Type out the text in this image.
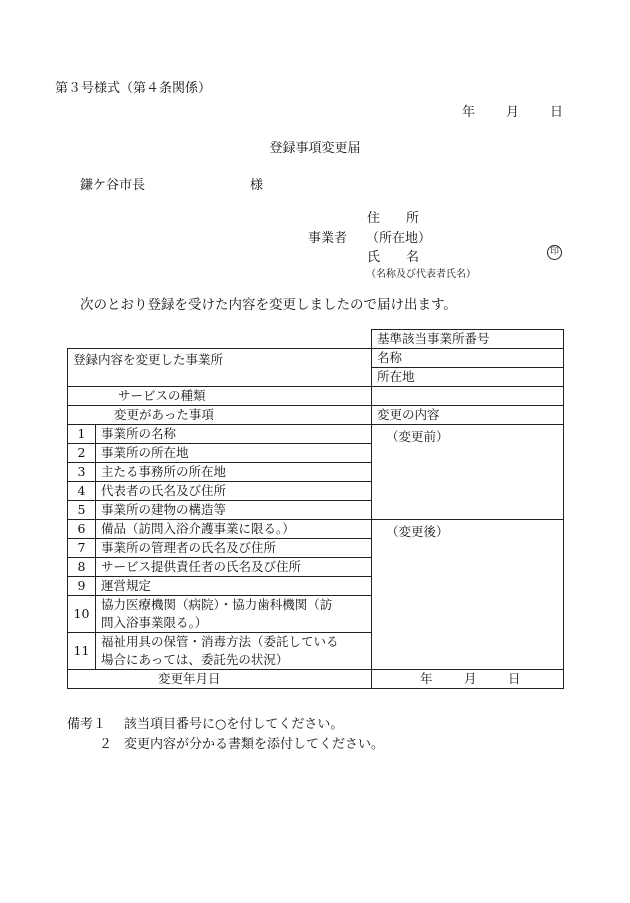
第３号様式（第４条関係）
年 月 日
登録事項変更届
鎌ケ谷市長	様
住　　所
事業者 （所在地）
氏　　名	印
（名称及び代表者氏名）
次のとおり登録を受けた内容を変更しましたので届け出ます。
		基準該当事業所番号
登録内容を変更した事業所		名称
		所在地
サービスの種類		
変更があった事項		変更の内容
1	事業所の名称	（変更前）
2	事業所の所在地	
3	主たる事務所の所在地	
4	代表者の氏名及び住所	
5	事業所の建物の構造等	
6	備品（訪問入浴介護事業に限る。）	（変更後）
7	事業所の管理者の氏名及び住所	
8	サービス提供責任者の氏名及び住所	
9	運営規定	
10	協力医療機関（病院）・協力歯科機関（訪
問入浴事業限る。）	

11	福祉用具の保管・消毒方法（委託している
場合にあっては、委託先の状況）	

変更年月日		年 月 日
備考１ 該当項目番号に○を付してください。
２ 変更内容が分かる書類を添付してください。
